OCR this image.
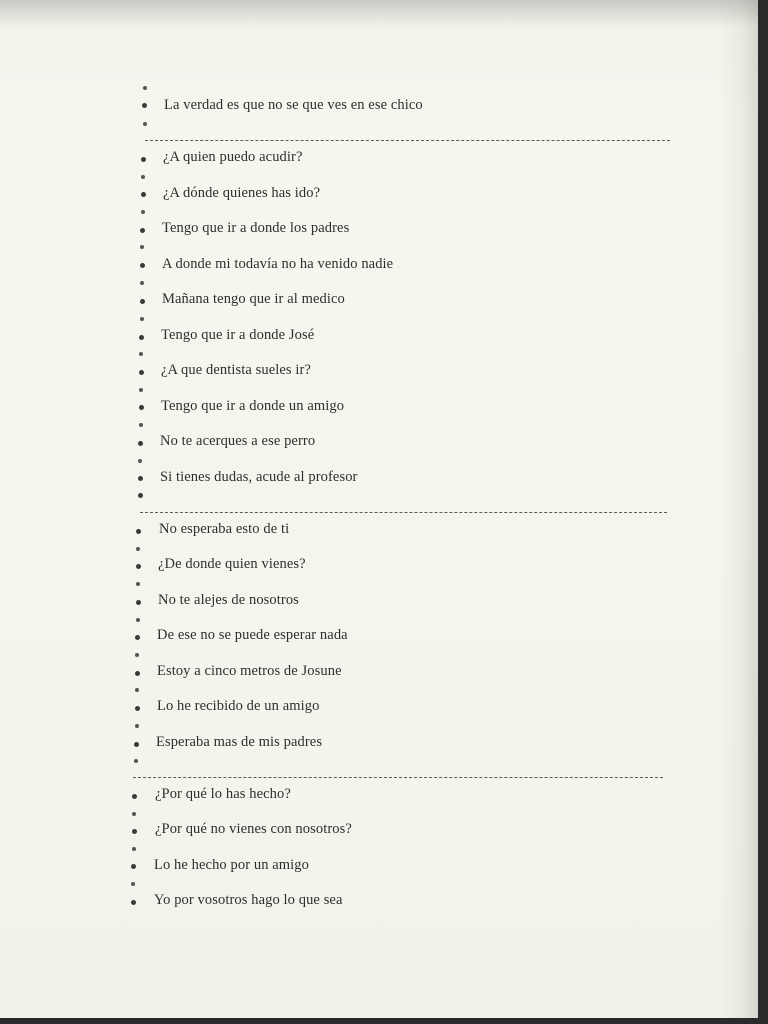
La verdad es que no se que ves en ese chico
¿A quien puedo acudir?
¿A dónde quienes has ido?
Tengo que ir a donde los padres
A donde mi todavía no ha venido nadie
Mañana tengo que ir al medico
Tengo que ir a donde José
¿A que dentista sueles ir?
Tengo que ir a donde un amigo
No te acerques a ese perro
Si tienes dudas, acude al profesor
No esperaba esto de ti
¿De donde quien vienes?
No te alejes de nosotros
De ese no se puede esperar nada
Estoy a cinco metros de Josune
Lo he recibido de un amigo
Esperaba mas de mis padres
¿Por qué lo has hecho?
¿Por qué no vienes con nosotros?
Lo he hecho por un amigo
Yo por vosotros hago lo que sea
